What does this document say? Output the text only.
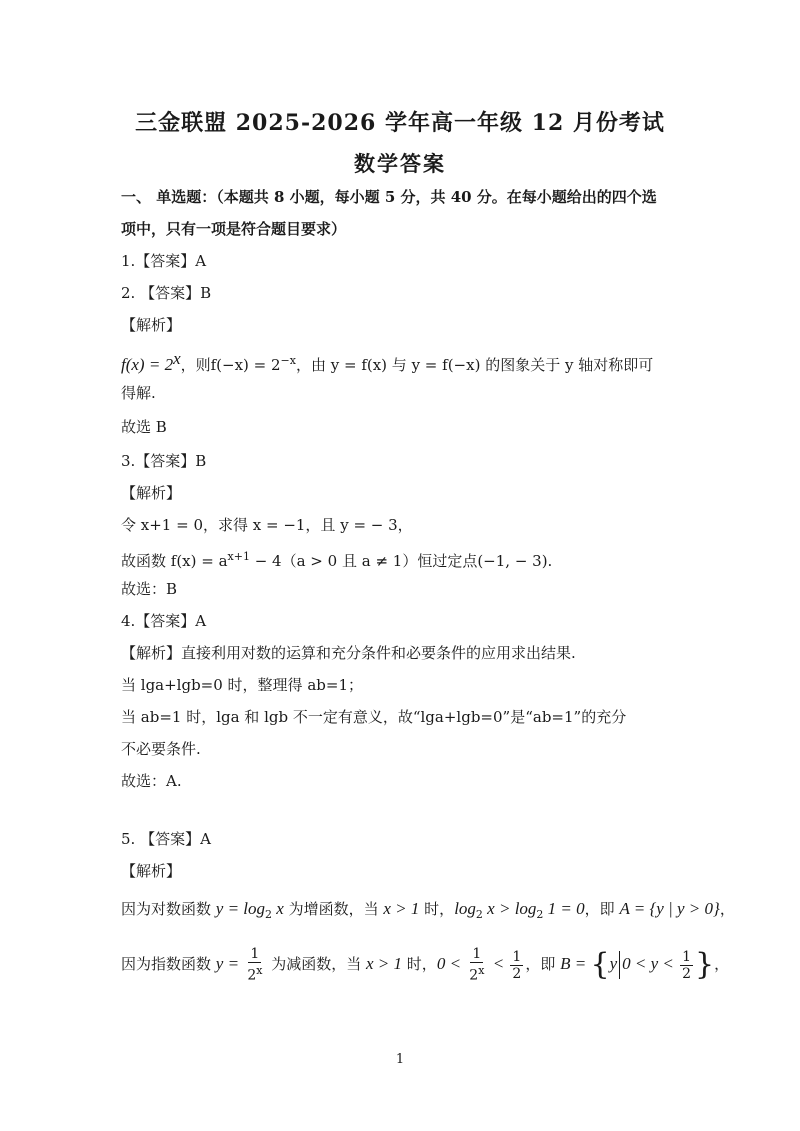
三金联盟 2025-2026 学年高一年级 12 月份考试
数学答案
一、 单选题：（本题共 8 小题，每小题 5 分，共 40 分。在每小题给出的四个选
项中，只有一项是符合题目要求）
1.【答案】A
2. 【答案】B
【解析】
$f(x) = 2^x$，则$f(-x) = 2^{-x}$，由 y = f(x) 与 y = f(−x) 的图象关于 y 轴对称即可
得解.
故选 B
3.【答案】B
【解析】
令 x+1 = 0，求得 x = −1，且 y = − 3，
故函数 $f(x) = a^{x+1} - 4(a > 0$ 且 a ≠ 1）恒过定点(−1, − 3).
故选：B
4.【答案】A
【解析】直接利用对数的运算和充分条件和必要条件的应用求出结果.
当 lga+lgb=0 时，整理得 ab=1；
当 ab=1 时，lga 和 lgb 不一定有意义，故“lga+lgb=0”是“ab=1”的充分
不必要条件.
故选：A.
5. 【答案】A
【解析】
因为对数函数 $y = \log_2 x$ 为增函数，当 x > 1 时，$\log_2 x > \log_2 1 = 0$，即 A = {y | y > 0}，
因为指数函数 $y = \frac{1}{2^x}$ 为减函数，当 x > 1 时，$0 < \frac{1}{2^x} < \frac{1}{2}$ ，即 B = {y $0 < y < \frac{1}{2}$ }，
1
